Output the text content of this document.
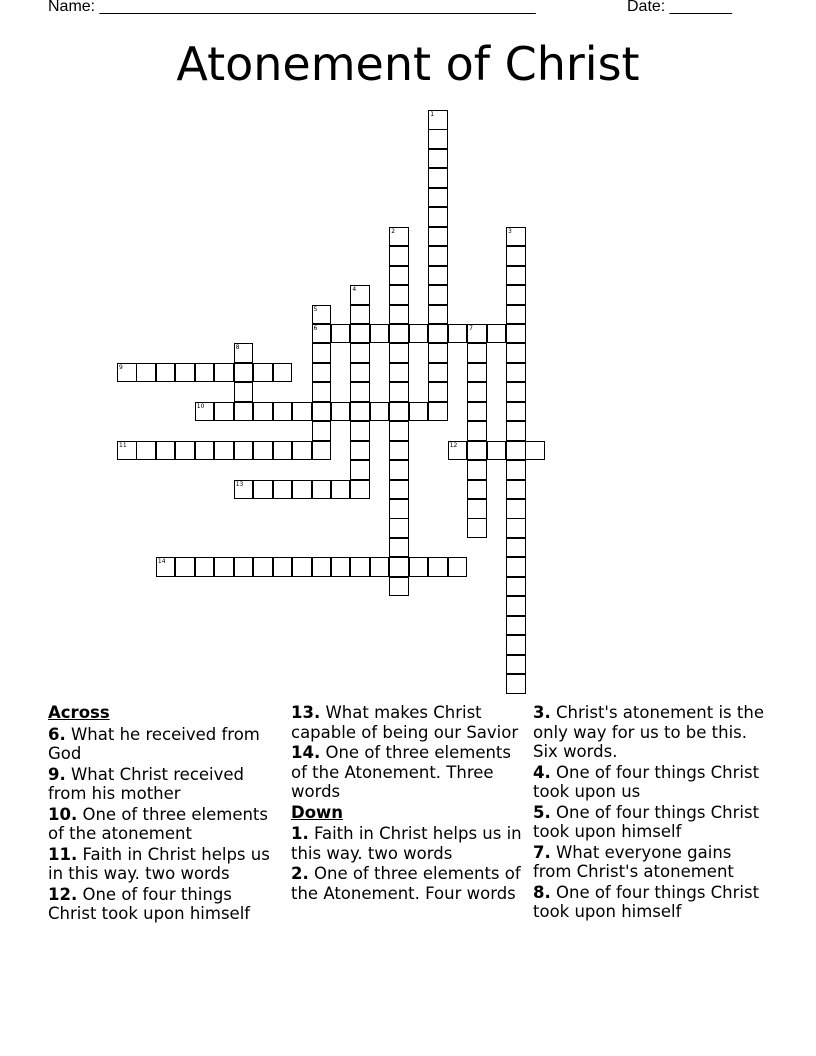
Name: _________________________________________________	Date: _______
Atonement of Christ
1
2	3
4
5
6	7
8
9
10
11	12
13
14
Across
6. What he received from God
9. What Christ received from his mother
10. One of three elements of the atonement
11. Faith in Christ helps us in this way. two words
12. One of four things Christ took upon himself
13. What makes Christ capable of being our Savior
14. One of three elements of the Atonement. Three words
Down
1. Faith in Christ helps us in this way. two words
2. One of three elements of the Atonement. Four words
3. Christ's atonement is the only way for us to be this. Six words.
4. One of four things Christ took upon us
5. One of four things Christ took upon himself
7. What everyone gains from Christ's atonement
8. One of four things Christ took upon himself
